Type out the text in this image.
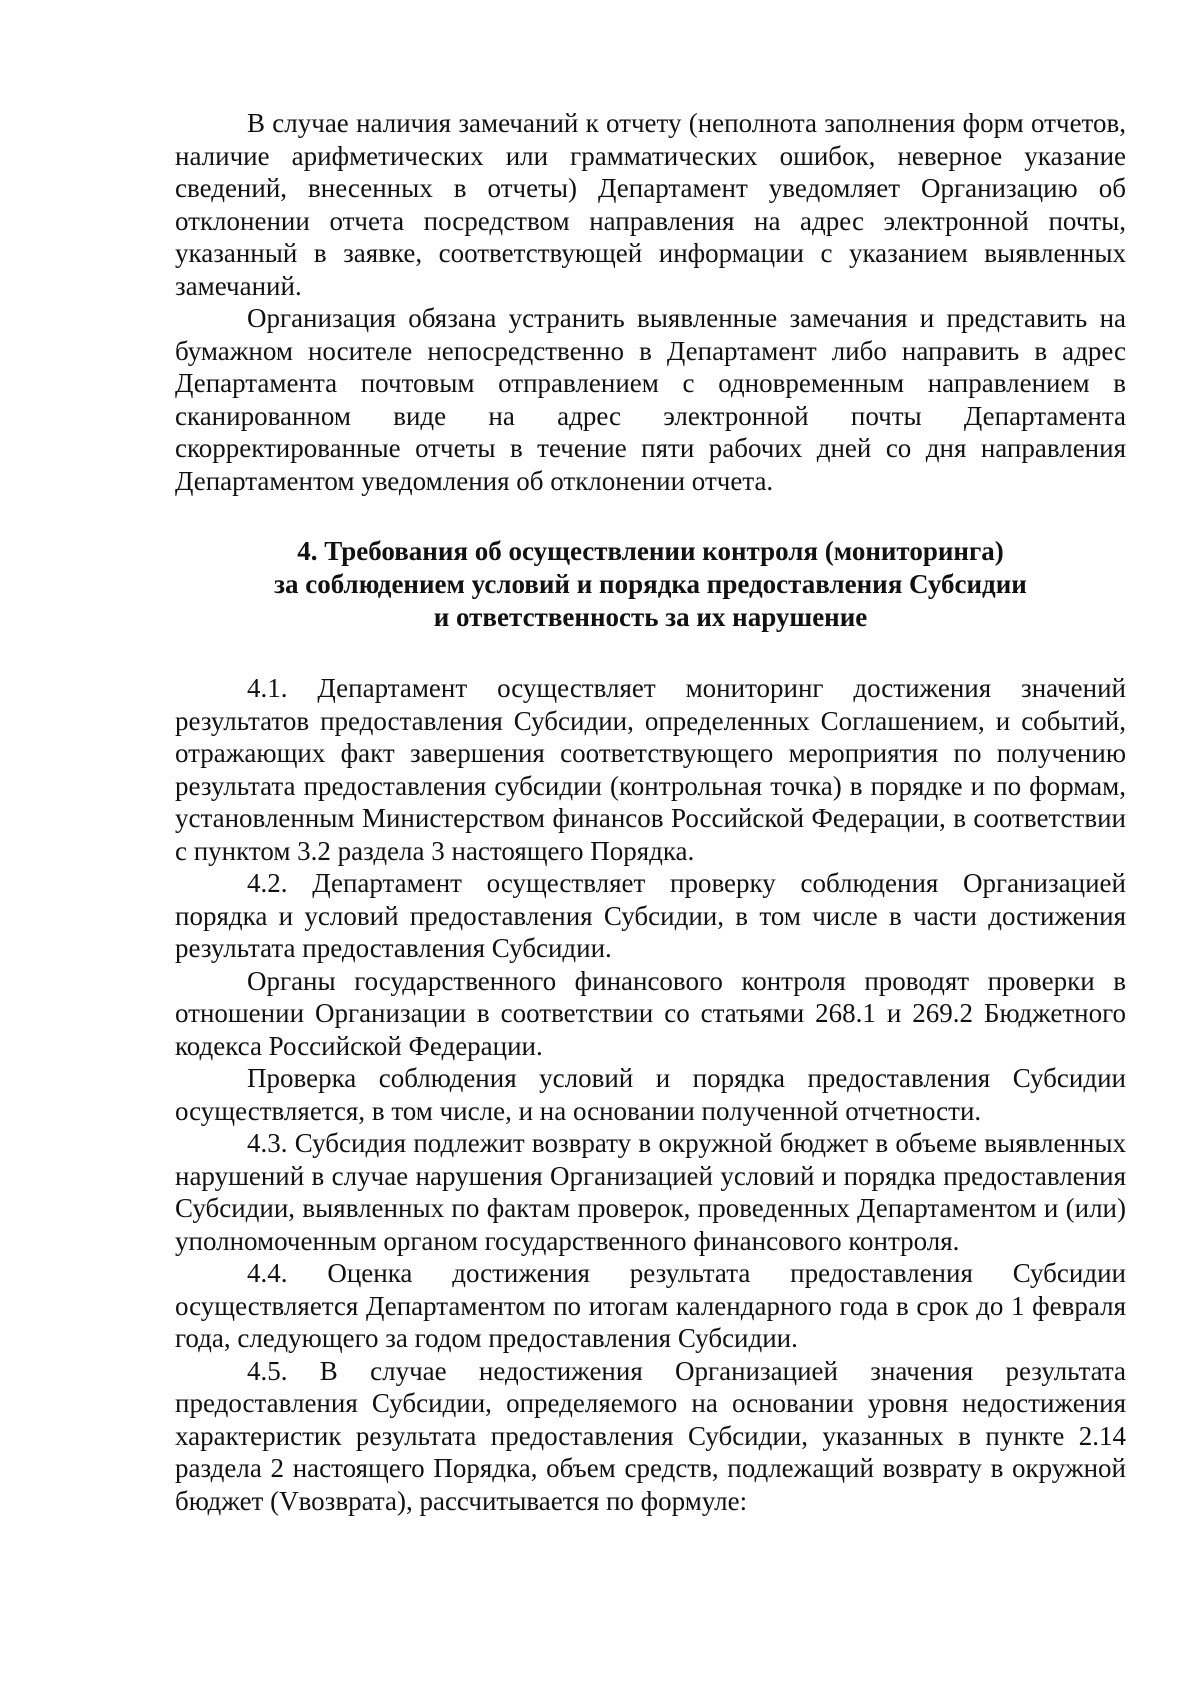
В случае наличия замечаний к отчету (неполнота заполнения форм отчетов, наличие арифметических или грамматических ошибок, неверное указание сведений, внесенных в отчеты) Департамент уведомляет Организацию об отклонении отчета посредством направления на адрес электронной почты, указанный в заявке, соответствующей информации с указанием выявленных замечаний.

Организация обязана устранить выявленные замечания и представить на бумажном носителе непосредственно в Департамент либо направить в адрес Департамента почтовым отправлением с одновременным направлением в сканированном виде на адрес электронной почты Департамента скорректированные отчеты в течение пяти рабочих дней со дня направления Департаментом уведомления об отклонении отчета.

4. Требования об осуществлении контроля (мониторинга)
за соблюдением условий и порядка предоставления Субсидии
и ответственность за их нарушение

4.1. Департамент осуществляет мониторинг достижения значений результатов предоставления Субсидии, определенных Соглашением, и событий, отражающих факт завершения соответствующего мероприятия по получению результата предоставления субсидии (контрольная точка) в порядке и по формам, установленным Министерством финансов Российской Федерации, в соответствии с пунктом 3.2 раздела 3 настоящего Порядка.

4.2. Департамент осуществляет проверку соблюдения Организацией порядка и условий предоставления Субсидии, в том числе в части достижения результата предоставления Субсидии.

Органы государственного финансового контроля проводят проверки в отношении Организации в соответствии со статьями 268.1 и 269.2 Бюджетного кодекса Российской Федерации.

Проверка соблюдения условий и порядка предоставления Субсидии осуществляется, в том числе, и на основании полученной отчетности.

4.3. Субсидия подлежит возврату в окружной бюджет в объеме выявленных нарушений в случае нарушения Организацией условий и порядка предоставления Субсидии, выявленных по фактам проверок, проведенных Департаментом и (или) уполномоченным органом государственного финансового контроля.

4.4. Оценка достижения результата предоставления Субсидии осуществляется Департаментом по итогам календарного года в срок до 1 февраля года, следующего за годом предоставления Субсидии.

4.5. В случае недостижения Организацией значения результата предоставления Субсидии, определяемого на основании уровня недостижения характеристик результата предоставления Субсидии, указанных в пункте 2.14 раздела 2 настоящего Порядка, объем средств, подлежащий возврату в окружной бюджет (Vвозврата), рассчитывается по формуле:
